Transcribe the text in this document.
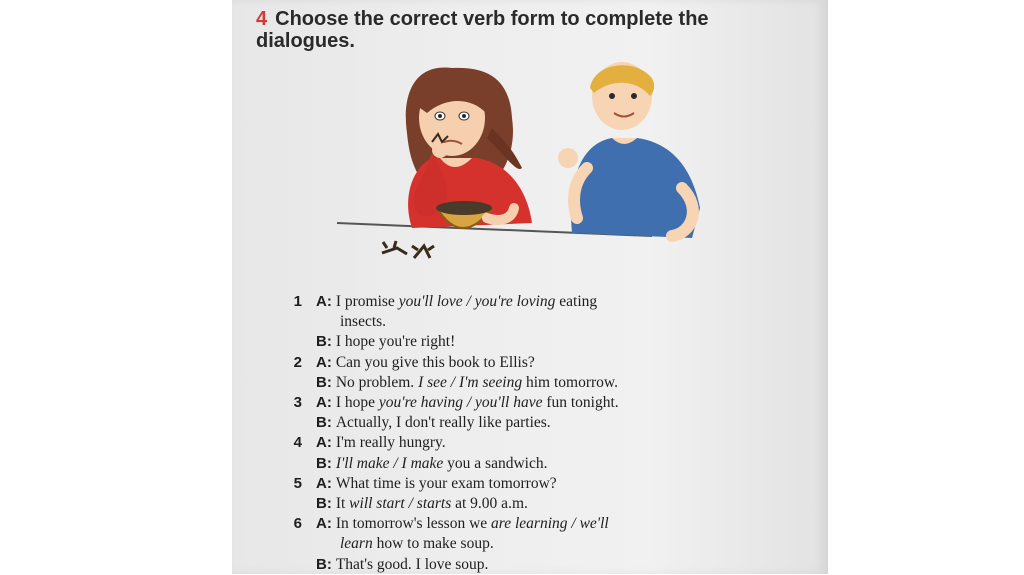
4 Choose the correct verb form to complete the dialogues.
1 A: I promise you'll love / you're loving eating
insects.
B: I hope you're right!
2 A: Can you give this book to Ellis?
B: No problem. I see / I'm seeing him tomorrow.
3 A: I hope you're having / you'll have fun tonight.
B: Actually, I don't really like parties.
4 A: I'm really hungry.
B: I'll make / I make you a sandwich.
5 A: What time is your exam tomorrow?
B: It will start / starts at 9.00 a.m.
6 A: In tomorrow's lesson we are learning / we'll
learn how to make soup.
B: That's good. I love soup.
